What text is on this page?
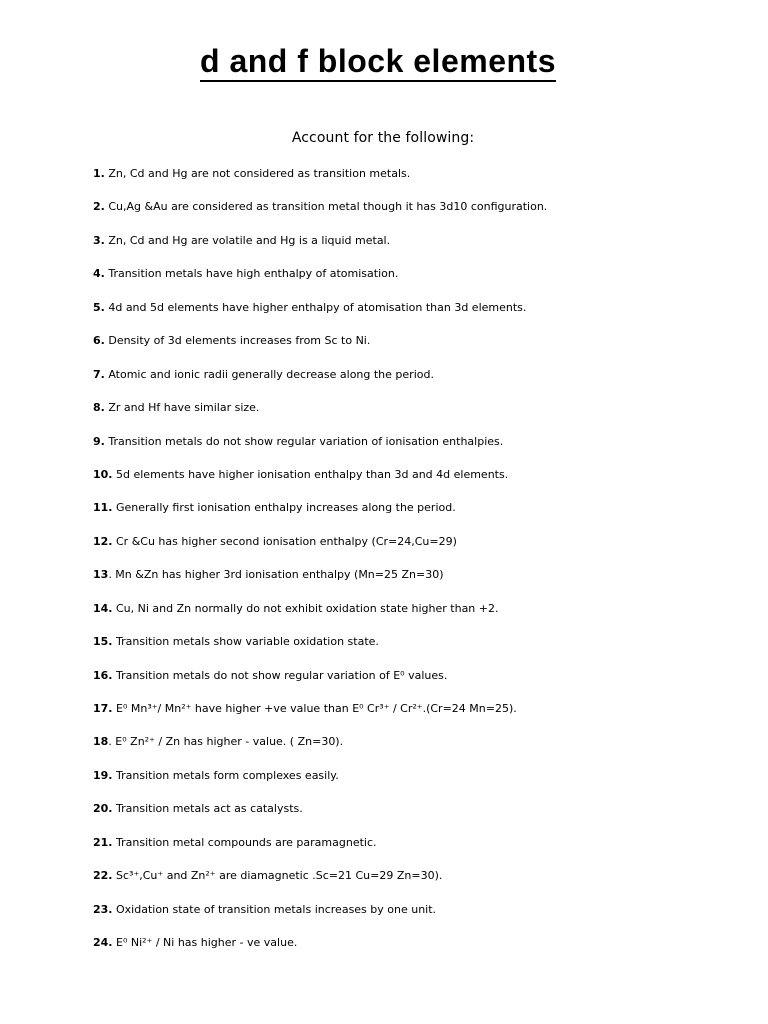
d and f block elements
Account for the following:
1. Zn, Cd and Hg are not considered as transition metals.
2. Cu,Ag &Au are considered as transition metal though it has 3d10 configuration.
3. Zn, Cd and Hg are volatile and Hg is a liquid metal.
4. Transition metals have high enthalpy of atomisation.
5. 4d and 5d elements have higher enthalpy of atomisation than 3d elements.
6. Density of 3d elements increases from Sc to Ni.
7. Atomic and ionic radii generally decrease along the period.
8. Zr and Hf have similar size.
9. Transition metals do not show regular variation of ionisation enthalpies.
10. 5d elements have higher ionisation enthalpy than 3d and 4d elements.
11. Generally first ionisation enthalpy increases along the period.
12. Cr &Cu has higher second ionisation enthalpy (Cr=24,Cu=29)
13. Mn &Zn has higher 3rd ionisation enthalpy (Mn=25 Zn=30)
14. Cu, Ni and Zn normally do not exhibit oxidation state higher than +2.
15. Transition metals show variable oxidation state.
16. Transition metals do not show regular variation of E⁰ values.
17. E⁰ Mn³⁺/ Mn²⁺ have higher +ve value than E⁰ Cr³⁺ / Cr²⁺.(Cr=24 Mn=25).
18. E⁰ Zn²⁺ / Zn has higher - value. ( Zn=30).
19. Transition metals form complexes easily.
20. Transition metals act as catalysts.
21. Transition metal compounds are paramagnetic.
22. Sc³⁺,Cu⁺ and Zn²⁺ are diamagnetic .Sc=21 Cu=29 Zn=30).
23. Oxidation state of transition metals increases by one unit.
24. E⁰ Ni²⁺ / Ni has higher - ve value.
